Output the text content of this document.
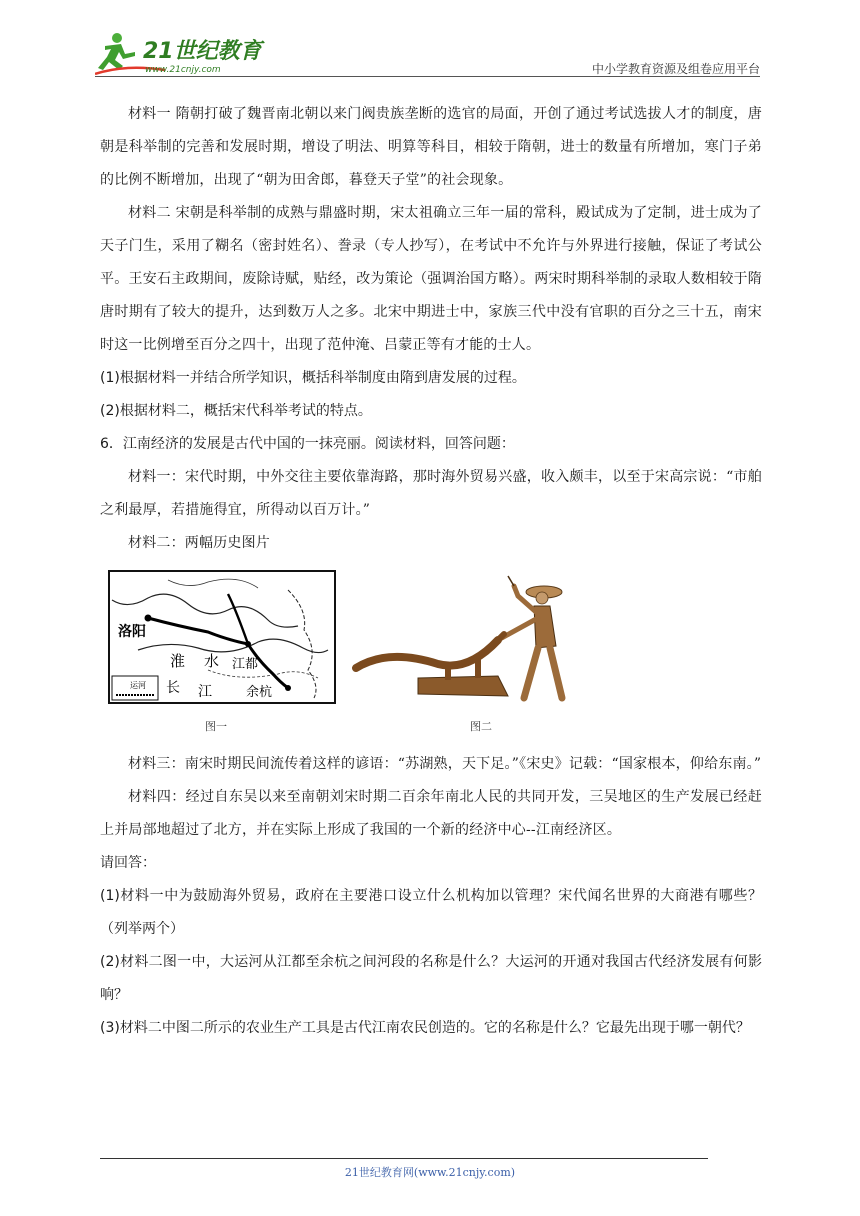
21世纪教育
www.21cnjy.com	中小学教育资源及组卷应用平台

材料一 隋朝打破了魏晋南北朝以来门阀贵族垄断的选官的局面，开创了通过考试选拔人才的制度，唐朝是科举制的完善和发展时期，增设了明法、明算等科目，相较于隋朝，进士的数量有所增加，寒门子弟的比例不断增加，出现了“朝为田舍郎，暮登天子堂”的社会现象。

材料二 宋朝是科举制的成熟与鼎盛时期，宋太祖确立三年一届的常科，殿试成为了定制，进士成为了天子门生，采用了糊名（密封姓名）、誊录（专人抄写），在考试中不允许与外界进行接触，保证了考试公平。王安石主政期间，废除诗赋，贴经，改为策论（强调治国方略）。两宋时期科举制的录取人数相较于隋唐时期有了较大的提升，达到数万人之多。北宋中期进士中，家族三代中没有官职的百分之三十五，南宋时这一比例增至百分之四十，出现了范仲淹、吕蒙正等有才能的士人。

(1)根据材料一并结合所学知识，概括科举制度由隋到唐发展的过程。

(2)根据材料二，概括宋代科举考试的特点。

6．江南经济的发展是古代中国的一抹亮丽。阅读材料，回答问题：

材料一：宋代时期，中外交往主要依靠海路，那时海外贸易兴盛，收入颇丰，以至于宋高宗说：“市舶之利最厚，若措施得宜，所得动以百万计。”

材料二：两幅历史图片

洛阳
淮 水 江都
长 江	余杭
运河
图一	图二

材料三：南宋时期民间流传着这样的谚语：“苏湖熟，天下足。”《宋史》记载：“国家根本，仰给东南。”

材料四：经过自东吴以来至南朝刘宋时期二百余年南北人民的共同开发，三吴地区的生产发展已经赶上并局部地超过了北方，并在实际上形成了我国的一个新的经济中心--江南经济区。

请回答：

(1)材料一中为鼓励海外贸易，政府在主要港口设立什么机构加以管理？宋代闻名世界的大商港有哪些？（列举两个）

(2)材料二图一中，大运河从江都至余杭之间河段的名称是什么？大运河的开通对我国古代经济发展有何影响？

(3)材料二中图二所示的农业生产工具是古代江南农民创造的。它的名称是什么？它最先出现于哪一朝代？

21世纪教育网(www.21cnjy.com)
